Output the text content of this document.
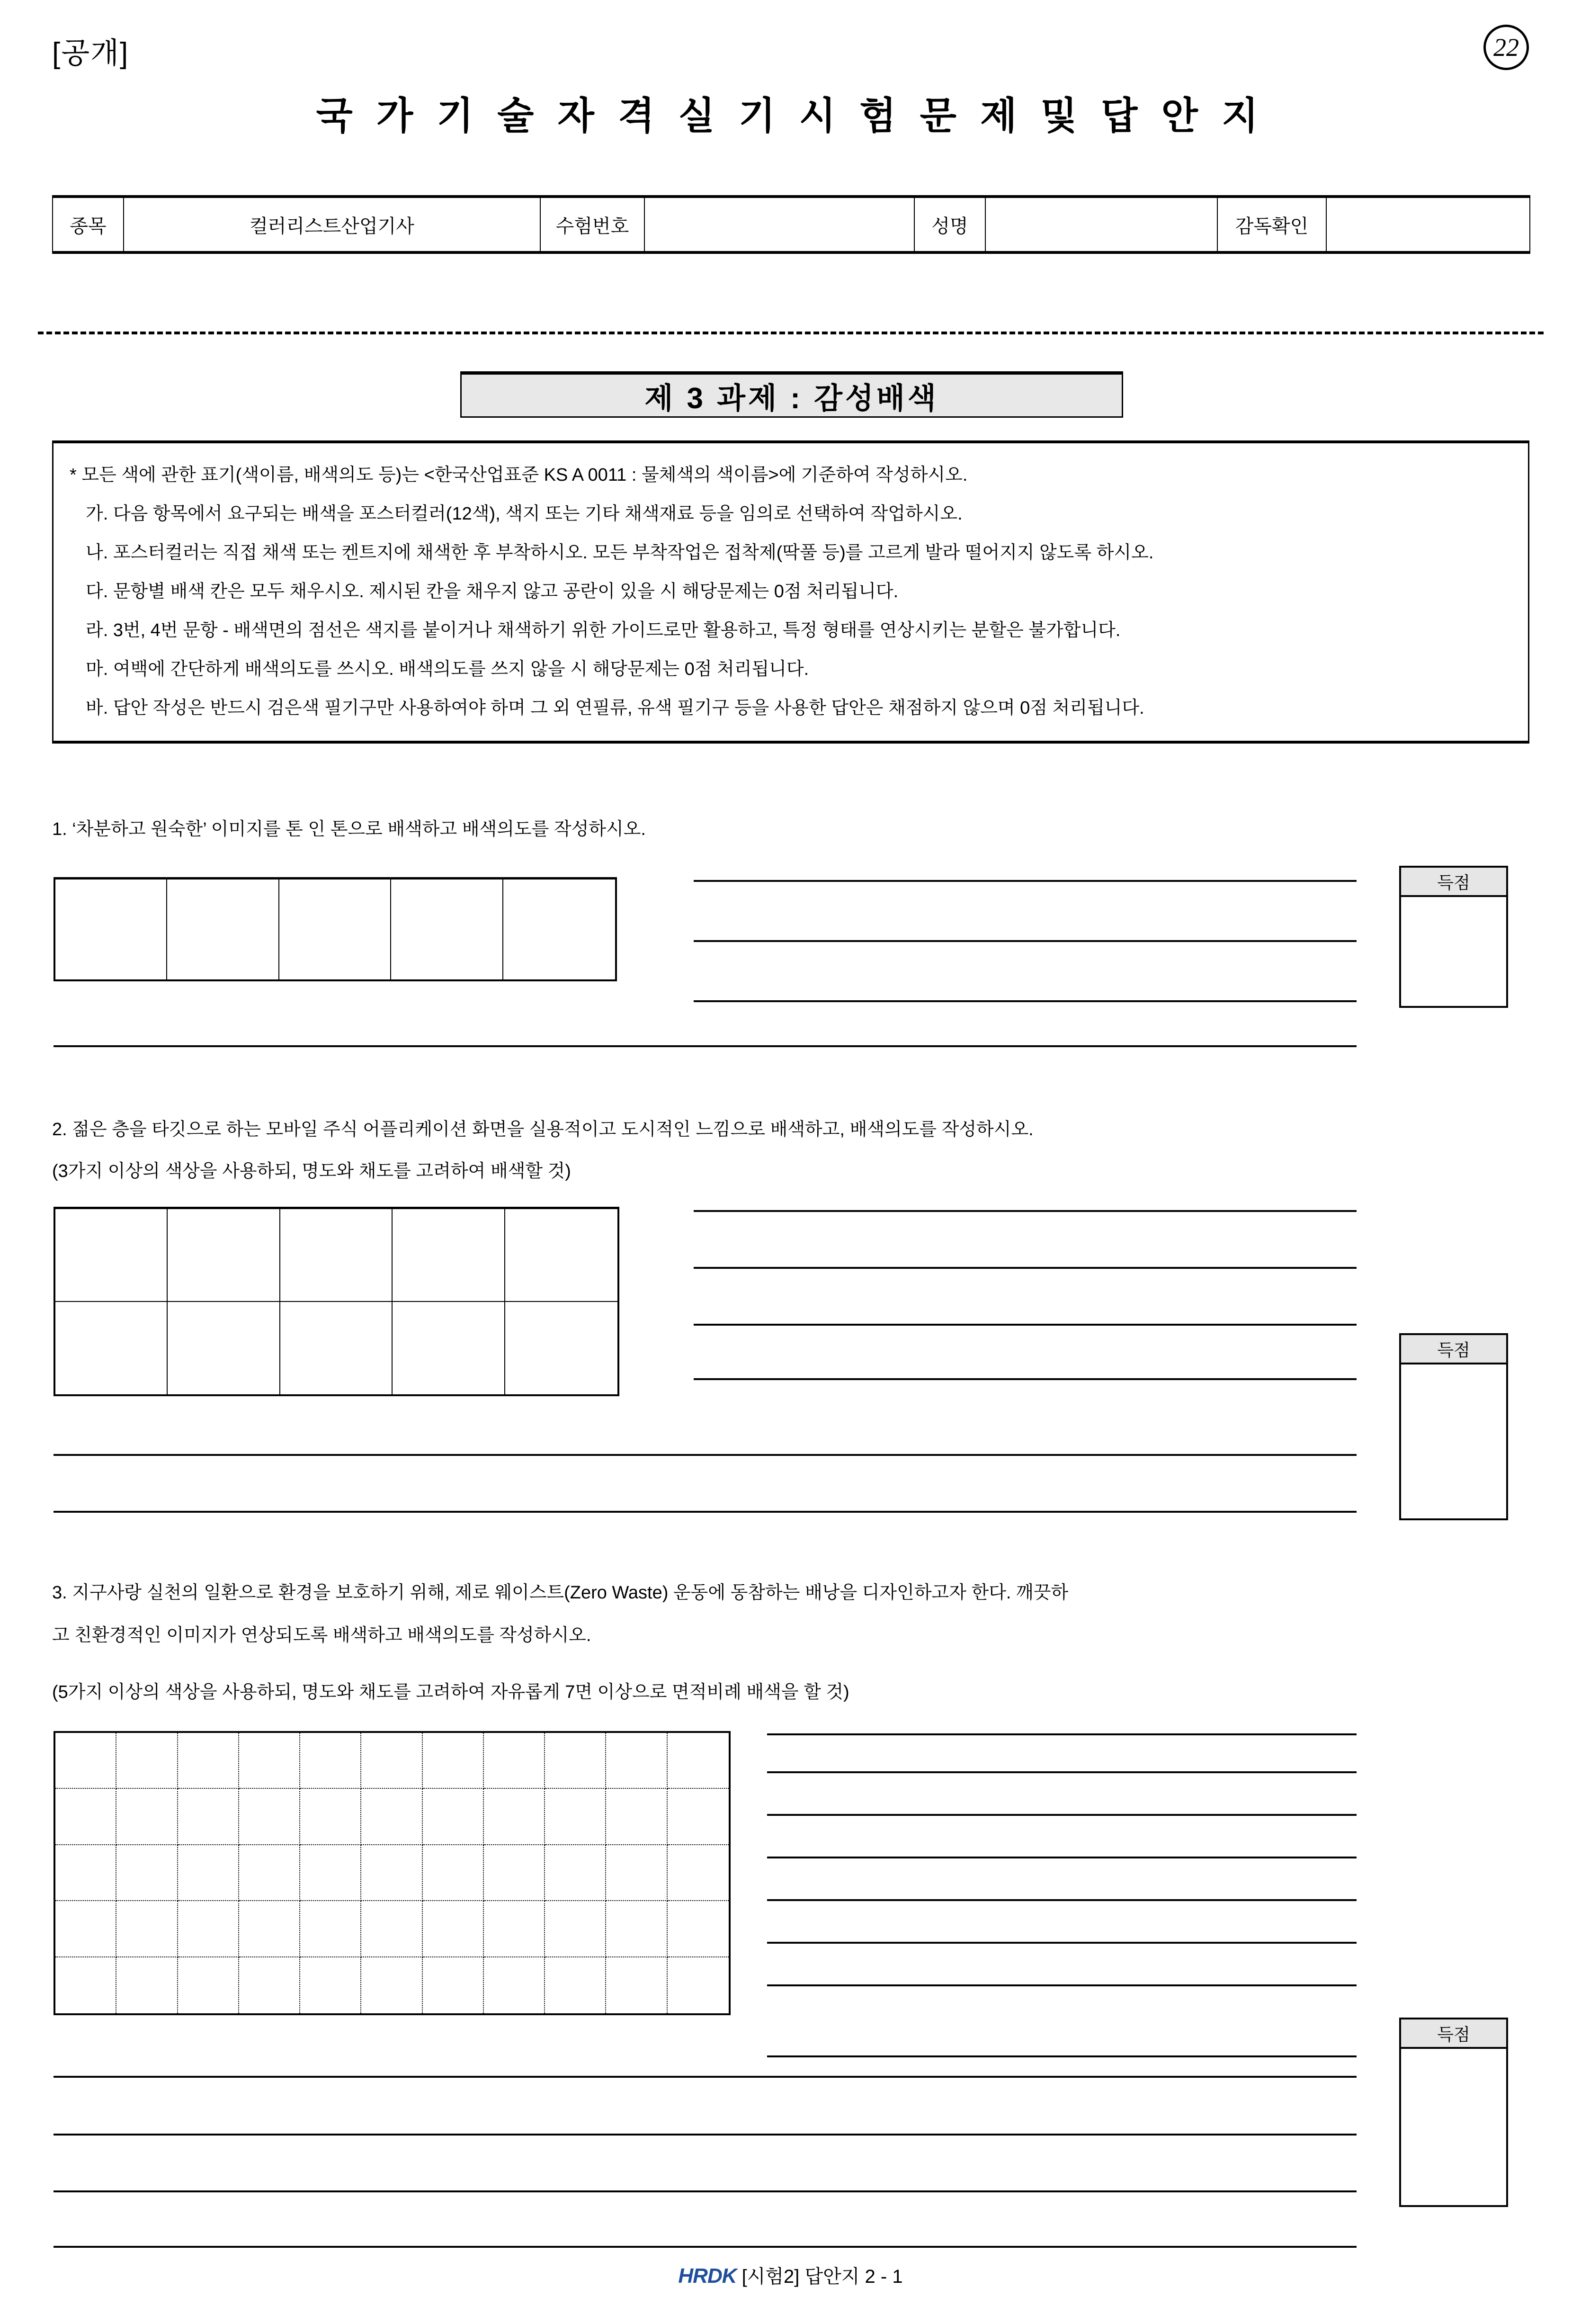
[공개]	22
국 가 기 술 자 격 실 기 시 험 문 제 및 답 안 지
종목	컬러리스트산업기사	수험번호		성명		감독확인	
제 3 과제 : 감성배색
* 모든 색에 관한 표기(색이름, 배색의도 등)는 <한국산업표준 KS A 0011 : 물체색의 색이름>에 기준하여 작성하시오.
가. 다음 항목에서 요구되는 배색을 포스터컬러(12색), 색지 또는 기타 채색재료 등을 임의로 선택하여 작업하시오.
나. 포스터컬러는 직접 채색 또는 켄트지에 채색한 후 부착하시오. 모든 부착작업은 접착제(딱풀 등)를 고르게 발라 떨어지지 않도록 하시오.
다. 문항별 배색 칸은 모두 채우시오. 제시된 칸을 채우지 않고 공란이 있을 시 해당문제는 0점 처리됩니다.
라. 3번, 4번 문항 - 배색면의 점선은 색지를 붙이거나 채색하기 위한 가이드로만 활용하고, 특정 형태를 연상시키는 분할은 불가합니다.
마. 여백에 간단하게 배색의도를 쓰시오. 배색의도를 쓰지 않을 시 해당문제는 0점 처리됩니다.
바. 답안 작성은 반드시 검은색 필기구만 사용하여야 하며 그 외 연필류, 유색 필기구 등을 사용한 답안은 채점하지 않으며 0점 처리됩니다.
1. ‘차분하고 원숙한’ 이미지를 톤 인 톤으로 배색하고 배색의도를 작성하시오.
득점
2. 젊은 층을 타깃으로 하는 모바일 주식 어플리케이션 화면을 실용적이고 도시적인 느낌으로 배색하고, 배색의도를 작성하시오.
(3가지 이상의 색상을 사용하되, 명도와 채도를 고려하여 배색할 것)
득점
3. 지구사랑 실천의 일환으로 환경을 보호하기 위해, 제로 웨이스트(Zero Waste) 운동에 동참하는 배낭을 디자인하고자 한다. 깨끗하
고 친환경적인 이미지가 연상되도록 배색하고 배색의도를 작성하시오.
(5가지 이상의 색상을 사용하되, 명도와 채도를 고려하여 자유롭게 7면 이상으로 면적비례 배색을 할 것)
득점
HRDK [시험2] 답안지 2 - 1
